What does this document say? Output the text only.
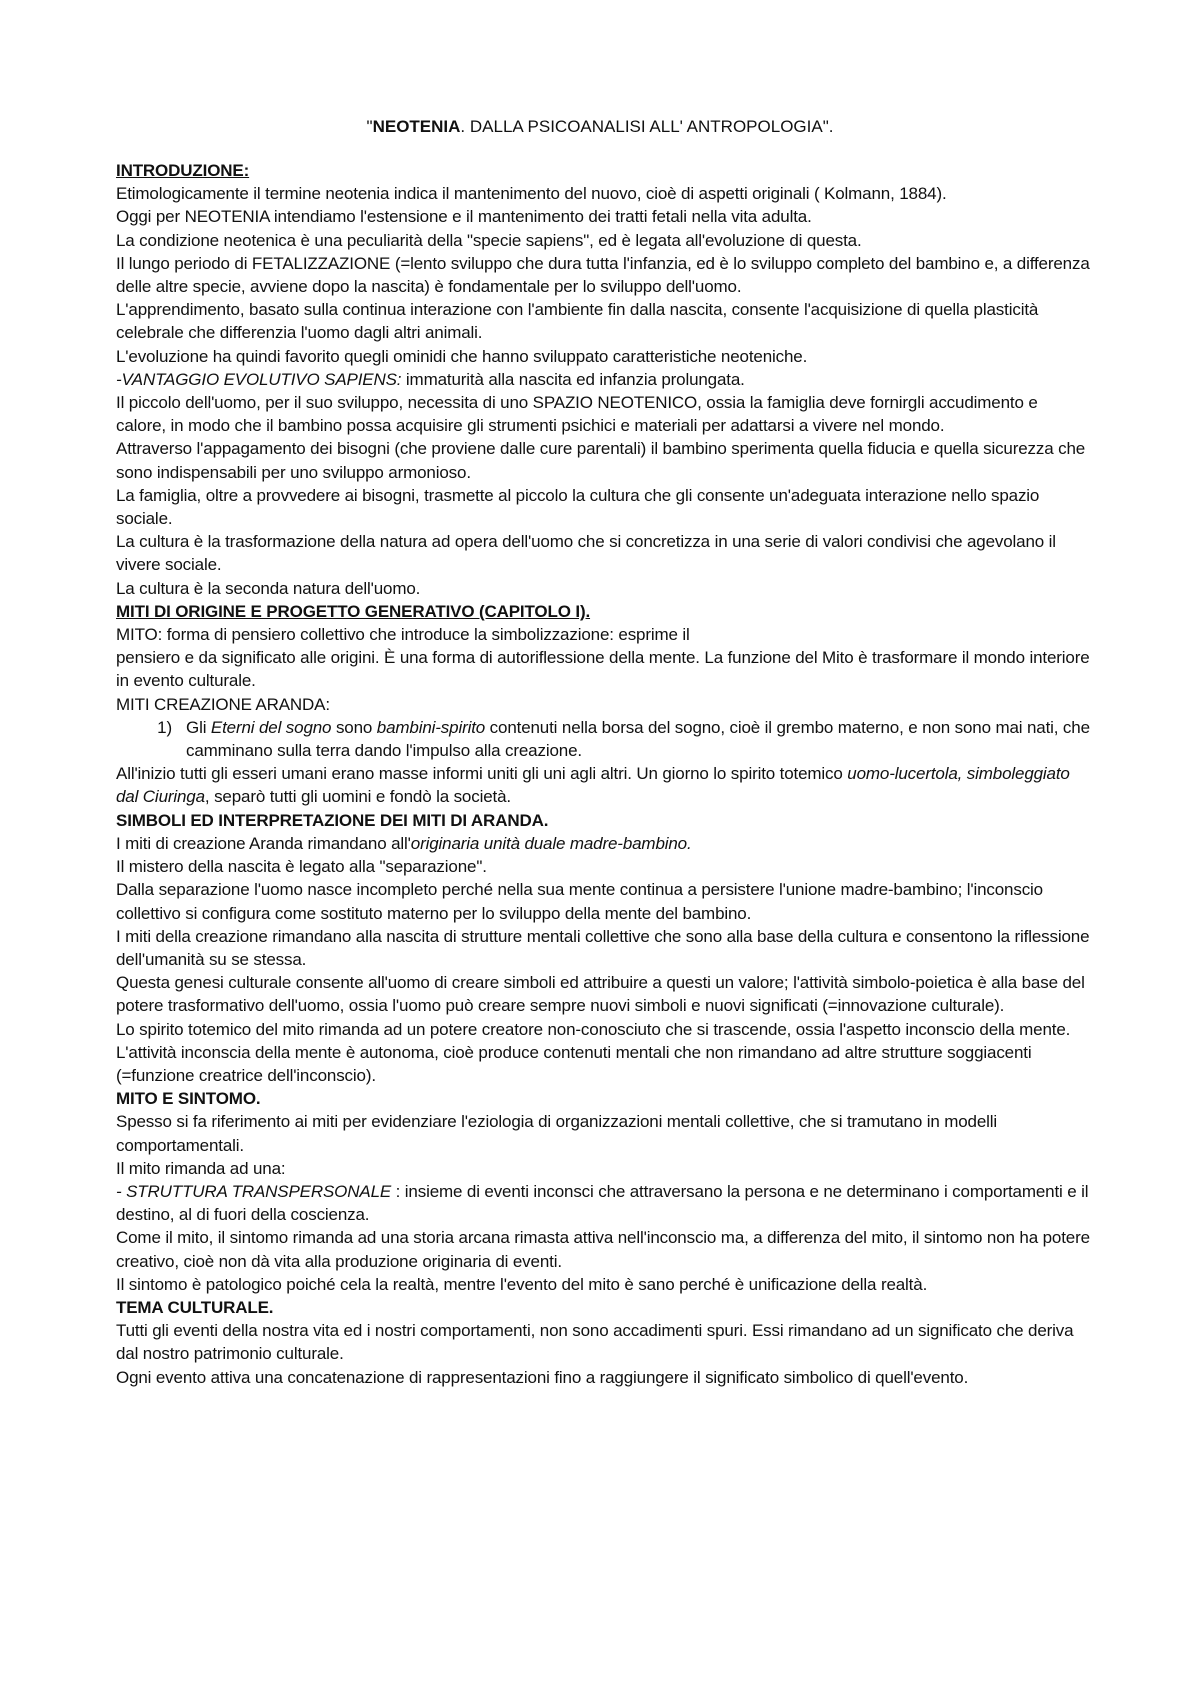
"NEOTENIA. DALLA PSICOANALISI ALL' ANTROPOLOGIA".

INTRODUZIONE:

Etimologicamente il termine neotenia indica il mantenimento del nuovo, cioè di aspetti originali ( Kolmann, 1884).

Oggi per NEOTENIA intendiamo l'estensione e il mantenimento dei tratti fetali nella vita adulta.

La condizione neotenica è una peculiarità della "specie sapiens", ed è legata all'evoluzione di questa.

Il lungo periodo di FETALIZZAZIONE (=lento sviluppo che dura tutta l'infanzia, ed è lo sviluppo completo del bambino e, a differenza delle altre specie, avviene dopo la nascita) è fondamentale per lo sviluppo dell'uomo.

L'apprendimento, basato sulla continua interazione con l'ambiente fin dalla nascita, consente l'acquisizione di quella plasticità celebrale che differenzia l'uomo dagli altri animali.

L'evoluzione ha quindi favorito quegli ominidi che hanno sviluppato caratteristiche neoteniche.

-VANTAGGIO EVOLUTIVO SAPIENS: immaturità alla nascita ed infanzia prolungata.

Il piccolo dell'uomo, per il suo sviluppo, necessita di uno SPAZIO NEOTENICO, ossia la famiglia deve fornirgli accudimento e calore, in modo che il bambino possa acquisire gli strumenti psichici e materiali per adattarsi a vivere nel mondo.

Attraverso l'appagamento dei bisogni (che proviene dalle cure parentali) il bambino sperimenta quella fiducia e quella sicurezza che sono indispensabili per uno sviluppo armonioso.

La famiglia, oltre a provvedere ai bisogni, trasmette al piccolo la cultura che gli consente un'adeguata interazione nello spazio sociale.

La cultura è la trasformazione della natura ad opera dell'uomo che si concretizza in una serie di valori condivisi che agevolano il vivere sociale.

La cultura è la seconda natura dell'uomo.

MITI DI ORIGINE E PROGETTO GENERATIVO (CAPITOLO I).

MITO: forma di pensiero collettivo che introduce la simbolizzazione: esprime il

pensiero e da significato alle origini. È una forma di autoriflessione della mente. La funzione del Mito è trasformare il mondo interiore in evento culturale.

MITI CREAZIONE ARANDA:

1) Gli Eterni del sogno sono bambini-spirito contenuti nella borsa del sogno, cioè il grembo materno, e non sono mai nati, che camminano sulla terra dando l'impulso alla creazione.

All'inizio tutti gli esseri umani erano masse informi uniti gli uni agli altri. Un giorno lo spirito totemico uomo-lucertola, simboleggiato dal Ciuringa, separò tutti gli uomini e fondò la società.

SIMBOLI ED INTERPRETAZIONE DEI MITI DI ARANDA.

I miti di creazione Aranda rimandano all'originaria unità duale madre-bambino.

Il mistero della nascita è legato alla "separazione".

Dalla separazione l'uomo nasce incompleto perché nella sua mente continua a persistere l'unione madre-bambino; l'inconscio collettivo si configura come sostituto materno per lo sviluppo della mente del bambino.

I miti della creazione rimandano alla nascita di strutture mentali collettive che sono alla base della cultura e consentono la riflessione dell'umanità su se stessa.

Questa genesi culturale consente all'uomo di creare simboli ed attribuire a questi un valore; l'attività simbolo-poietica è alla base del potere trasformativo dell'uomo, ossia l'uomo può creare sempre nuovi simboli e nuovi significati (=innovazione culturale).

Lo spirito totemico del mito rimanda ad un potere creatore non-conosciuto che si trascende, ossia l'aspetto inconscio della mente.

L'attività inconscia della mente è autonoma, cioè produce contenuti mentali che non rimandano ad altre strutture soggiacenti (=funzione creatrice dell'inconscio).

MITO E SINTOMO.

Spesso si fa riferimento ai miti per evidenziare l'eziologia di organizzazioni mentali collettive, che si tramutano in modelli comportamentali.

Il mito rimanda ad una:

- STRUTTURA TRANSPERSONALE : insieme di eventi inconsci che attraversano la persona e ne determinano i comportamenti e il destino, al di fuori della coscienza.

Come il mito, il sintomo rimanda ad una storia arcana rimasta attiva nell'inconscio ma, a differenza del mito, il sintomo non ha potere creativo, cioè non dà vita alla produzione originaria di eventi.

Il sintomo è patologico poiché cela la realtà, mentre l'evento del mito è sano perché è unificazione della realtà.

TEMA CULTURALE.

Tutti gli eventi della nostra vita ed i nostri comportamenti, non sono accadimenti spuri. Essi rimandano ad un significato che deriva dal nostro patrimonio culturale.

Ogni evento attiva una concatenazione di rappresentazioni fino a raggiungere il significato simbolico di quell'evento.
